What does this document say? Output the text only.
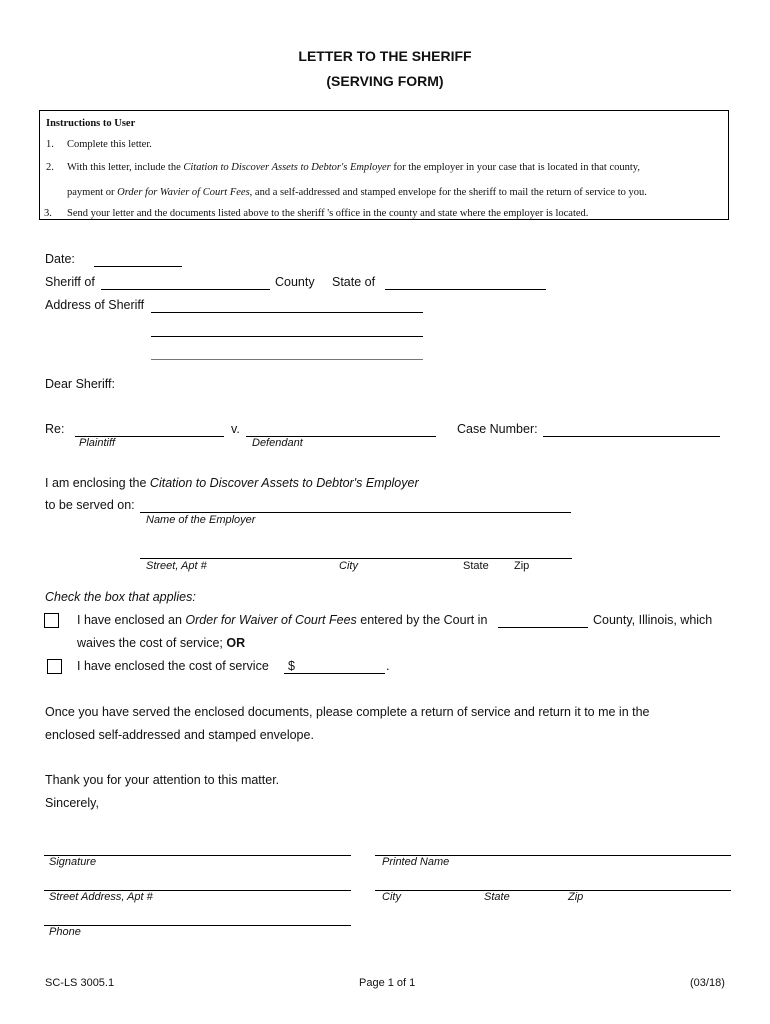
LETTER TO THE SHERIFF
(SERVING FORM)
Instructions to User
1. Complete this letter.
2. With this letter, include the Citation to Discover Assets to Debtor's Employer for the employer in your case that is located in that county,
payment or Order for Wavier of Court Fees, and a self-addressed and stamped envelope for the sheriff to mail the return of service to you.
3. Send your letter and the documents listed above to the sheriff 's office in the county and state where the employer is located.
Date:
Sheriff of	County State of
Address of Sheriff
Dear Sheriff:
Re:	v.	Case Number:
Plaintiff	Defendant
I am enclosing the Citation to Discover Assets to Debtor's Employer
to be served on:
Name of the Employer
Street, Apt #	City	State Zip
Check the box that applies:
I have enclosed an Order for Waiver of Court Fees entered by the Court in	County, Illinois, which
waives the cost of service; OR
I have enclosed the cost of service $	.
Once you have served the enclosed documents, please complete a return of service and return it to me in the
enclosed self-addressed and stamped envelope.
Thank you for your attention to this matter.
Sincerely,
Signature	Printed Name
Street Address, Apt #	City	State	Zip
Phone
SC-LS 3005.1	Page 1 of 1	(03/18)
